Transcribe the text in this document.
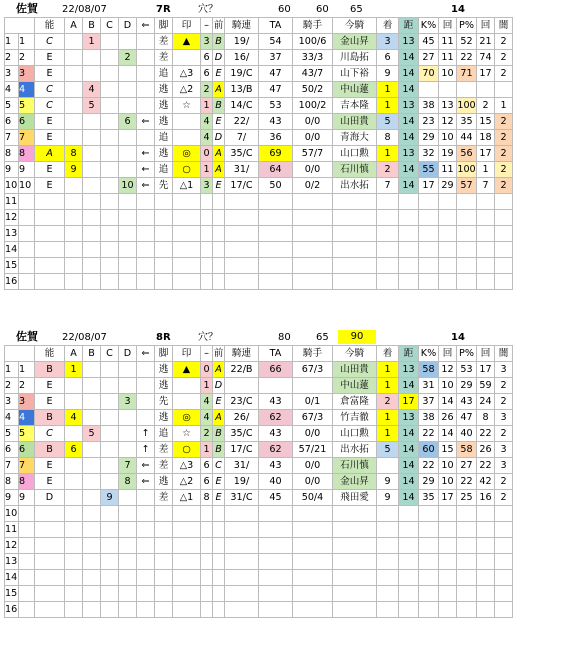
佐賀 22/08/07	7R	穴？	60	60 65	14
		能	A	B	C	D	⇐	脚	印	–	前	騎連	TA	騎手	今騎	着	距	K%	回	P%	回	闇
1	1	C		1				差	▲	3	B	19/	54	100/6	金山昇	3	13	45	11	52	21	2
2	2	E				2		差		6	D	16/	37	33/3	川島拓	6	14	27	11	22	74	2
3	3	E						追	△3	6	E	19/C	47	43/7	山下裕	9	14	70	10	71	17	2
4	4	C		4				逃	△2	2	A	13/B	47	50/2	中山蓮	1	14					
5	5	C		5				逃	☆	1	B	14/C	53	100/2	吉本隆	1	13	38	13	100	2	1
6	6	E				6	⇐	逃		4	E	22/	43	0/0	山田貴	5	14	23	12	35	15	2
7	7	E						追		4	D	7/	36	0/0	青海大	8	14	29	10	44	18	2
8	8	A	8				←	逃	◎	0	A	35/C	69	57/7	山口勲	1	13	32	19	56	17	2
9	9	E	9				←	追	○	1	A	31/	64	0/0	石川慎	2	14	55	11	100	1	2
10	10	E				10	⇐	先	△1	3	E	17/C	50	0/2	出水拓	7	14	17	29	57	7	2
11																						
12																						
13																						
14																						
15																						
16																						
佐賀 22/08/07	8R	穴？	80	65	90	14
		能	A	B	C	D	⇐	脚	印	–	前	騎連	TA	騎手	今騎	着	距	K%	回	P%	回	闇
1	1	B	1					逃	▲	0	A	22/B	66	67/3	山田貴	1	13	58	12	53	17	3
2	2	E						逃		1	D				中山蓮	1	14	31	10	29	59	2
3	3	E				3		先		4	E	23/C	43	0/1	倉富隆	2	17	37	14	43	24	2
4	4	B	4					逃	◎	4	A	26/	62	67/3	竹吉徹	1	13	38	26	47	8	3
5	5	C		5			↑	追	☆	2	B	35/C	43	0/0	山口勲	1	14	22	14	40	22	2
6	6	B	6				↑	差	○	1	B	17/C	62	57/21	出水拓	5	14	60	15	58	26	3
7	7	E				7	⇐	差	△3	6	C	31/	43	0/0	石川慎		14	22	10	27	22	3
8	8	E				8	⇐	逃	△2	6	E	19/	40	0/0	金山昇	9	14	29	10	22	42	2
9	9	D			9			差	△1	8	E	31/C	45	50/4	飛田愛	9	14	35	17	25	16	2
10																						
11																						
12																						
13																						
14																						
15																						
16																						
